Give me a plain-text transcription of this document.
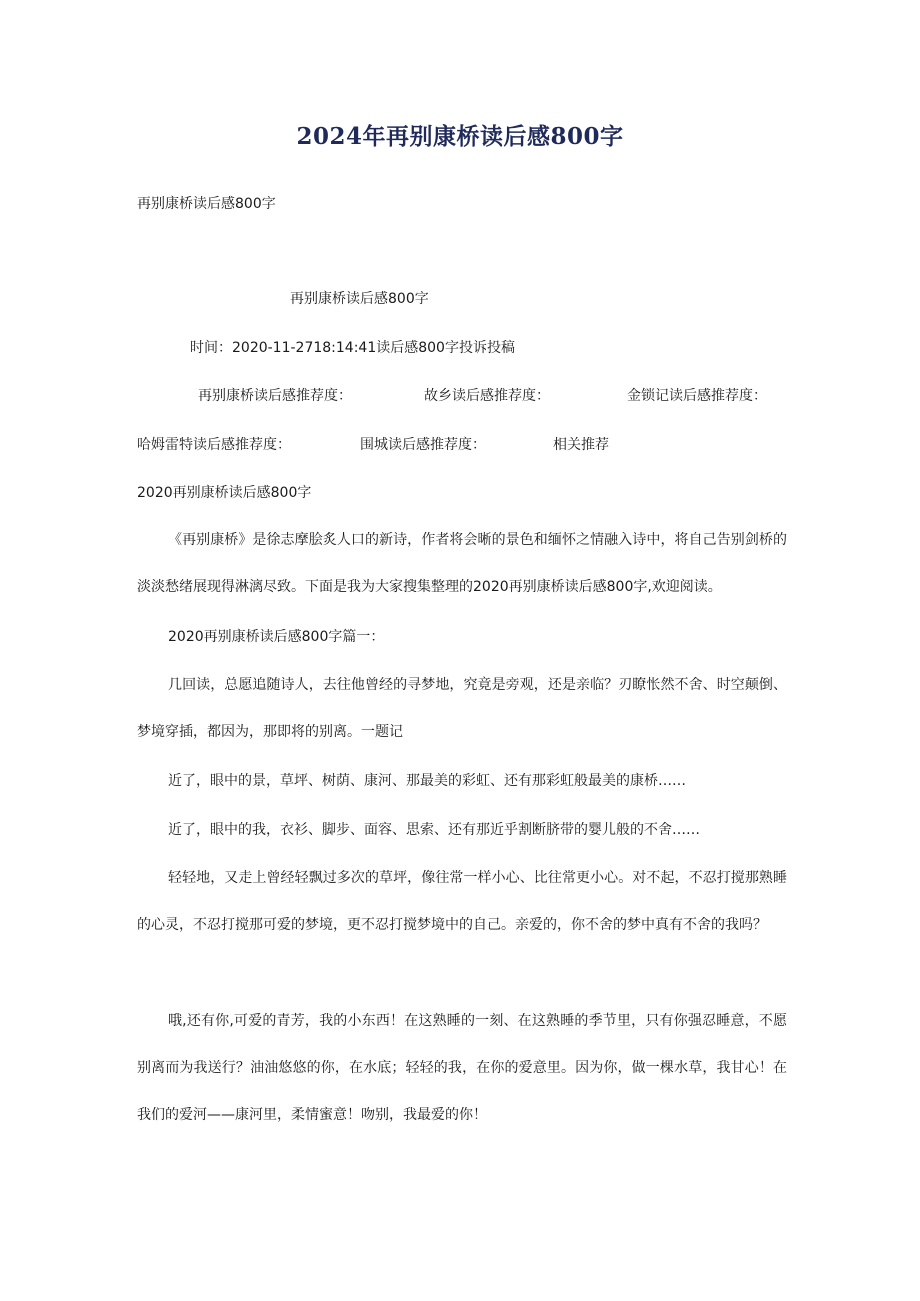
2024年再别康桥读后感800字
再别康桥读后感800字
再别康桥读后感800字
时间：2020-11-2718:14:41读后感800字投诉投稿
再别康桥读后感推荐度：	故乡读后感推荐度：	金锁记读后感推荐度：
哈姆雷特读后感推荐度：	围城读后感推荐度：	相关推荐
2020再别康桥读后感800字
《再别康桥》是徐志摩脍炙人口的新诗，作者将会晰的景色和缅怀之情融入诗中，将自己告别剑桥的淡淡愁绪展现得淋漓尽致。下面是我为大家搜集整理的2020再别康桥读后感800字,欢迎阅读。
2020再别康桥读后感800字篇一：
几回读，总愿追随诗人，去往他曾经的寻梦地，究竟是旁观，还是亲临？刃瞭怅然不舍、时空颠倒、梦境穿插，都因为，那即将的别离。一题记
近了，眼中的景，草坪、树荫、康河、那最美的彩虹、还有那彩虹般最美的康桥……
近了，眼中的我，衣衫、脚步、面容、思索、还有那近乎割断脐带的婴儿般的不舍……
轻轻地，又走上曾经轻飘过多次的草坪，像往常一样小心、比往常更小心。对不起，不忍打搅那熟睡的心灵，不忍打搅那可爱的梦境，更不忍打搅梦境中的自己。亲爱的，你不舍的梦中真有不舍的我吗？
哦,还有你,可爱的青芳，我的小东西！在这熟睡的一刻、在这熟睡的季节里，只有你强忍睡意，不愿别离而为我送行？油油悠悠的你，在水底；轻轻的我，在你的爱意里。因为你，做一棵水草，我甘心！在我们的爱河——康河里，柔情蜜意！吻别，我最爱的你！
